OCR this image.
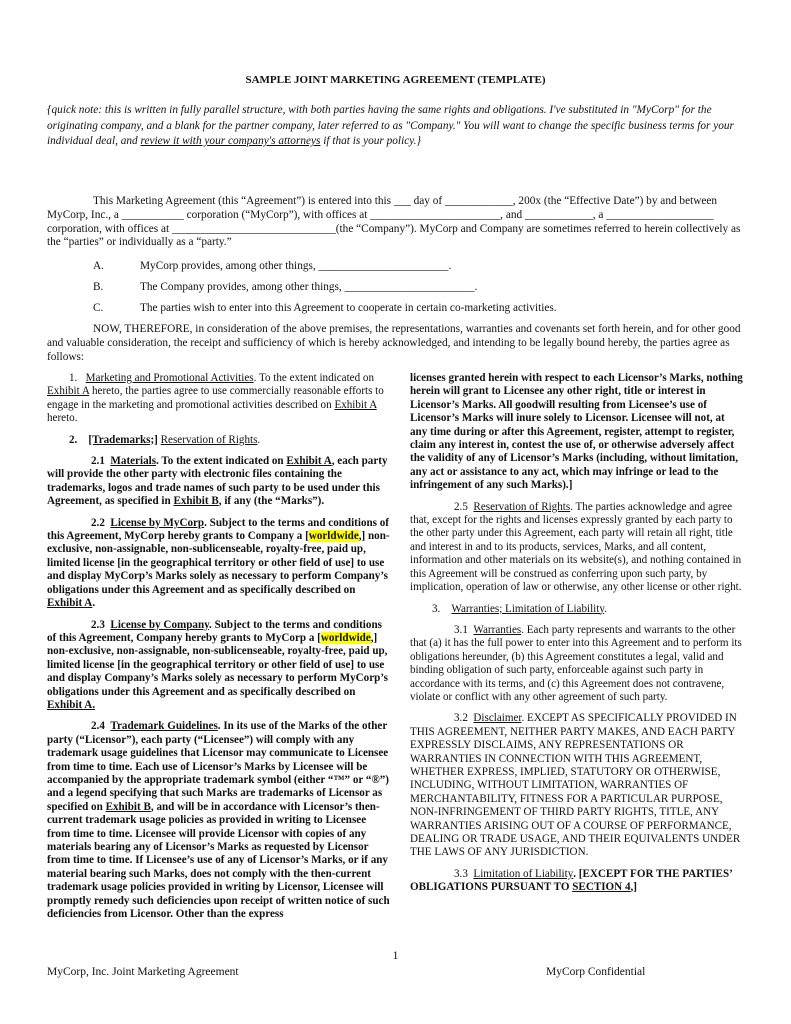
SAMPLE JOINT MARKETING AGREEMENT (TEMPLATE)
{quick note: this is written in fully parallel structure, with both parties having the same rights and obligations. I've substituted in "MyCorp" for the originating company, and a blank for the partner company, later referred to as "Company." You will want to change the specific business terms for your individual deal, and review it with your company's attorneys if that is your policy.}
This Marketing Agreement (this “Agreement”) is entered into this ___ day of ____________, 200x (the “Effective Date”) by and between MyCorp, Inc., a ___________ corporation (“MyCorp”), with offices at _______________________, and ____________, a ___________________ corporation, with offices at _____________________________(the “Company”). MyCorp and Company are sometimes referred to herein collectively as the “parties” or individually as a “party.”
A.	MyCorp provides, among other things, _______________________.
B.	The Company provides, among other things, _______________________.
C.	The parties wish to enter into this Agreement to cooperate in certain co-marketing activities.
NOW, THEREFORE, in consideration of the above premises, the representations, warranties and covenants set forth herein, and for other good and valuable consideration, the receipt and sufficiency of which is hereby acknowledged, and intending to be legally bound hereby, the parties agree as follows:

1. Marketing and Promotional Activities. To the extent indicated on Exhibit A hereto, the parties agree to use commercially reasonable efforts to engage in the marketing and promotional activities described on Exhibit A hereto.

2. [Trademarks;] Reservation of Rights.

2.1 Materials. To the extent indicated on Exhibit A, each party will provide the other party with electronic files containing the trademarks, logos and trade names of such party to be used under this Agreement, as specified in Exhibit B, if any (the “Marks”).

2.2 License by MyCorp. Subject to the terms and conditions of this Agreement, MyCorp hereby grants to Company a [worldwide,] non-exclusive, non-assignable, non-sublicenseable, royalty-free, paid up, limited license [in the geographical territory or other field of use] to use and display MyCorp’s Marks solely as necessary to perform Company’s obligations under this Agreement and as specifically described on Exhibit A.

2.3 License by Company. Subject to the terms and conditions of this Agreement, Company hereby grants to MyCorp a [worldwide,] non-exclusive, non-assignable, non-sublicenseable, royalty-free, paid up, limited license [in the geographical territory or other field of use] to use and display Company’s Marks solely as necessary to perform MyCorp’s obligations under this Agreement and as specifically described on Exhibit A.

2.4 Trademark Guidelines. In its use of the Marks of the other party (“Licensor”), each party (“Licensee”) will comply with any trademark usage guidelines that Licensor may communicate to Licensee from time to time. Each use of Licensor’s Marks by Licensee will be accompanied by the appropriate trademark symbol (either “™” or “®”) and a legend specifying that such Marks are trademarks of Licensor as specified on Exhibit B, and will be in accordance with Licensor’s then-current trademark usage policies as provided in writing to Licensee from time to time. Licensee will provide Licensor with copies of any materials bearing any of Licensor’s Marks as requested by Licensor from time to time. If Licensee’s use of any of Licensor’s Marks, or if any material bearing such Marks, does not comply with the then-current trademark usage policies provided in writing by Licensor, Licensee will promptly remedy such deficiencies upon receipt of written notice of such deficiencies from Licensor. Other than the express

licenses granted herein with respect to each Licensor’s Marks, nothing herein will grant to Licensee any other right, title or interest in Licensor’s Marks. All goodwill resulting from Licensee’s use of Licensor’s Marks will inure solely to Licensor. Licensee will not, at any time during or after this Agreement, register, attempt to register, claim any interest in, contest the use of, or otherwise adversely affect the validity of any of Licensor’s Marks (including, without limitation, any act or assistance to any act, which may infringe or lead to the infringement of any such Marks).]

2.5 Reservation of Rights. The parties acknowledge and agree that, except for the rights and licenses expressly granted by each party to the other party under this Agreement, each party will retain all right, title and interest in and to its products, services, Marks, and all content, information and other materials on its website(s), and nothing contained in this Agreement will be construed as conferring upon such party, by implication, operation of law or otherwise, any other license or other right.

3. Warranties; Limitation of Liability.

3.1 Warranties. Each party represents and warrants to the other that (a) it has the full power to enter into this Agreement and to perform its obligations hereunder, (b) this Agreement constitutes a legal, valid and binding obligation of such party, enforceable against such party in accordance with its terms, and (c) this Agreement does not contravene, violate or conflict with any other agreement of such party.

3.2 Disclaimer. EXCEPT AS SPECIFICALLY PROVIDED IN THIS AGREEMENT, NEITHER PARTY MAKES, AND EACH PARTY EXPRESSLY DISCLAIMS, ANY REPRESENTATIONS OR WARRANTIES IN CONNECTION WITH THIS AGREEMENT, WHETHER EXPRESS, IMPLIED, STATUTORY OR OTHERWISE, INCLUDING, WITHOUT LIMITATION, WARRANTIES OF MERCHANTABILITY, FITNESS FOR A PARTICULAR PURPOSE, NON-INFRINGEMENT OF THIRD PARTY RIGHTS, TITLE, ANY WARRANTIES ARISING OUT OF A COURSE OF PERFORMANCE, DEALING OR TRADE USAGE, AND THEIR EQUIVALENTS UNDER THE LAWS OF ANY JURISDICTION.

3.3 Limitation of Liability. [EXCEPT FOR THE PARTIES’ OBLIGATIONS PURSUANT TO SECTION 4,]

1
MyCorp, Inc. Joint Marketing Agreement	MyCorp Confidential
